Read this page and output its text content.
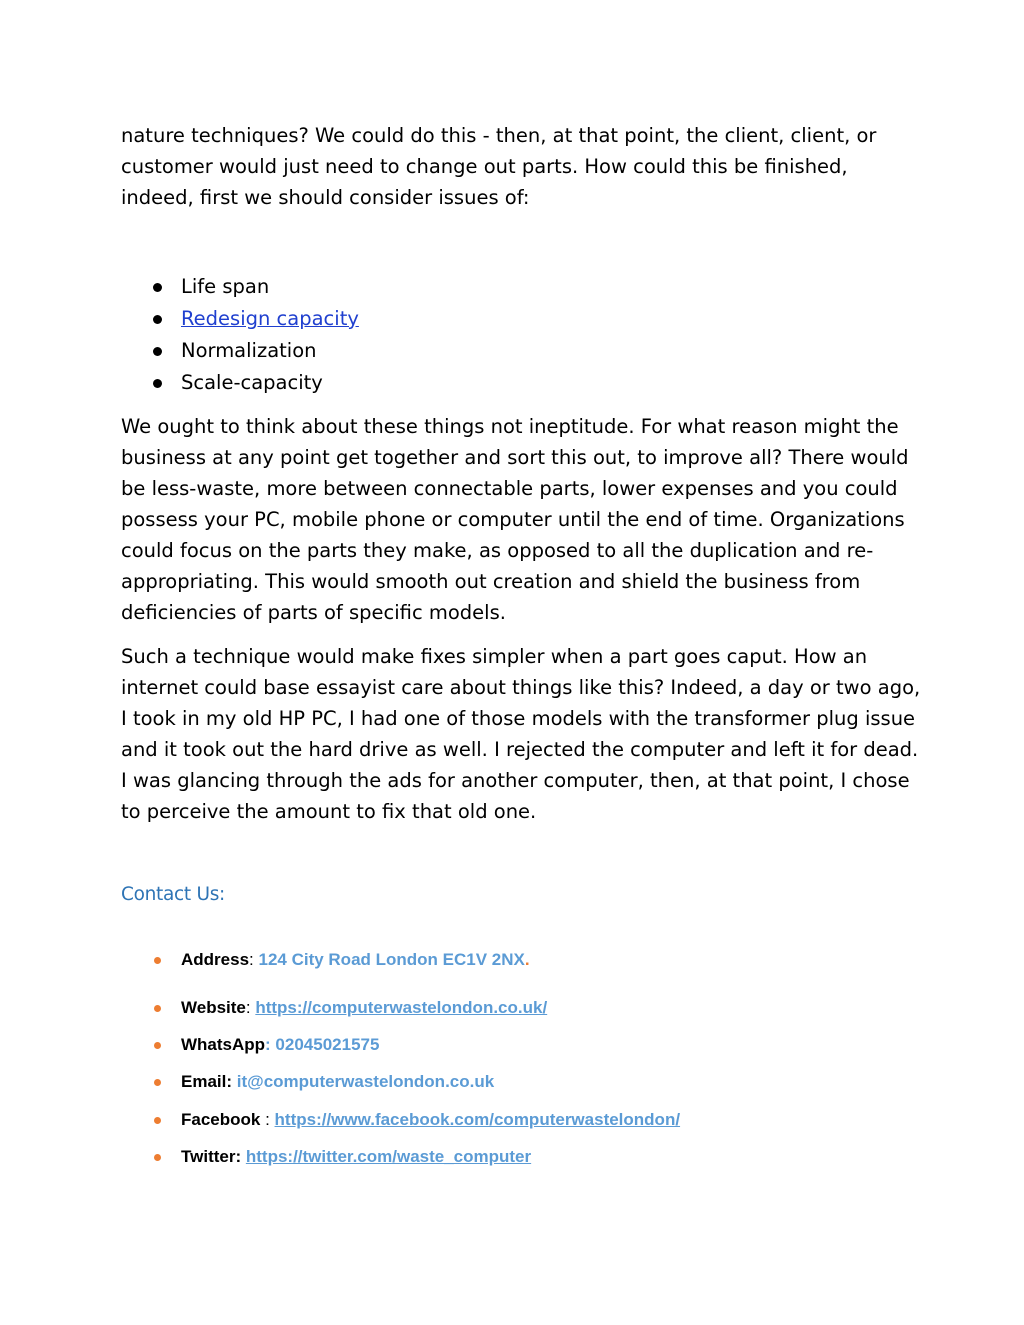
nature techniques? We could do this - then, at that point, the client, client, or customer would just need to change out parts. How could this be finished, indeed, first we should consider issues of:

Life span
Redesign capacity
Normalization
Scale-capacity

We ought to think about these things not ineptitude. For what reason might the business at any point get together and sort this out, to improve all? There would be less-waste, more between connectable parts, lower expenses and you could possess your PC, mobile phone or computer until the end of time. Organizations could focus on the parts they make, as opposed to all the duplication and re-appropriating. This would smooth out creation and shield the business from deficiencies of parts of specific models.

Such a technique would make fixes simpler when a part goes caput. How an internet could base essayist care about things like this? Indeed, a day or two ago, I took in my old HP PC, I had one of those models with the transformer plug issue and it took out the hard drive as well. I rejected the computer and left it for dead. I was glancing through the ads for another computer, then, at that point, I chose to perceive the amount to fix that old one.

Contact Us:
Address: 124 City Road London EC1V 2NX.
Website: https://computerwastelondon.co.uk/
WhatsApp: 02045021575
Email: it@computerwastelondon.co.uk
Facebook : https://www.facebook.com/computerwastelondon/
Twitter: https://twitter.com/waste_computer
